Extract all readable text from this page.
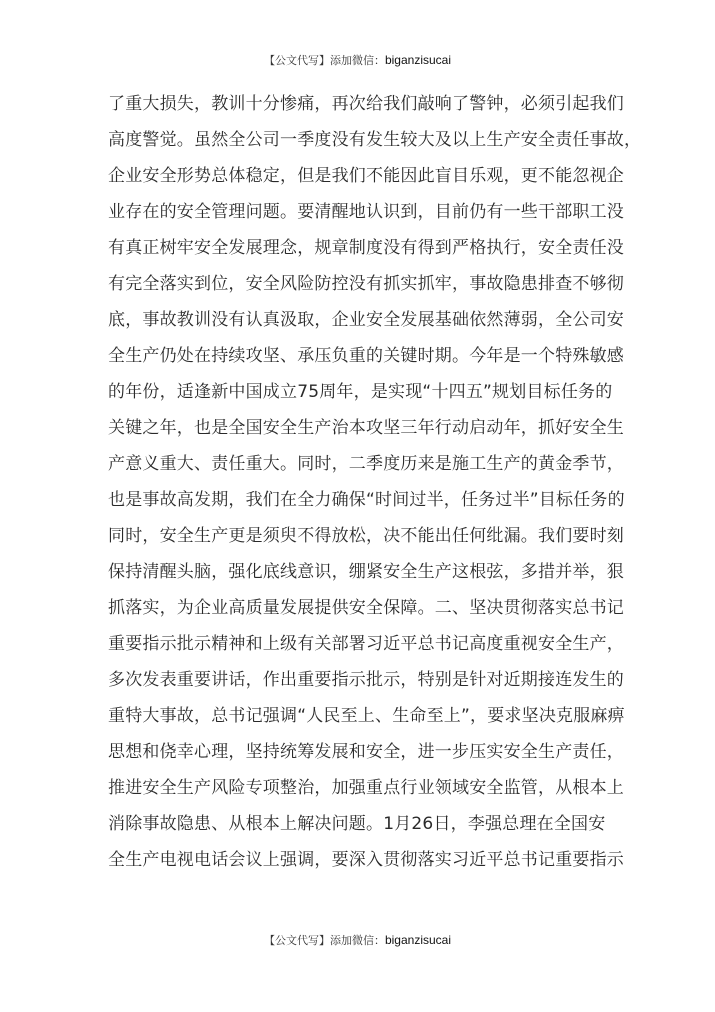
【公文代写】添加微信：biganzisucai
了重大损失，教训十分惨痛，再次给我们敲响了警钟，必须引起我们
高度警觉。虽然全公司一季度没有发生较大及以上生产安全责任事故，
企业安全形势总体稳定，但是我们不能因此盲目乐观，更不能忽视企
业存在的安全管理问题。要清醒地认识到，目前仍有一些干部职工没
有真正树牢安全发展理念，规章制度没有得到严格执行，安全责任没
有完全落实到位，安全风险防控没有抓实抓牢，事故隐患排查不够彻
底，事故教训没有认真汲取，企业安全发展基础依然薄弱，全公司安
全生产仍处在持续攻坚、承压负重的关键时期。今年是一个特殊敏感
的年份，适逢新中国成立75周年，是实现“十四五”规划目标任务的
关键之年，也是全国安全生产治本攻坚三年行动启动年，抓好安全生
产意义重大、责任重大。同时，二季度历来是施工生产的黄金季节，
也是事故高发期，我们在全力确保“时间过半，任务过半”目标任务的
同时，安全生产更是须臾不得放松，决不能出任何纰漏。我们要时刻
保持清醒头脑，强化底线意识，绷紧安全生产这根弦，多措并举，狠
抓落实，为企业高质量发展提供安全保障。二、坚决贯彻落实总书记
重要指示批示精神和上级有关部署习近平总书记高度重视安全生产，
多次发表重要讲话，作出重要指示批示，特别是针对近期接连发生的
重特大事故，总书记强调“人民至上、生命至上”，要求坚决克服麻痹
思想和侥幸心理，坚持统筹发展和安全，进一步压实安全生产责任，
推进安全生产风险专项整治，加强重点行业领域安全监管，从根本上
消除事故隐患、从根本上解决问题。1月26日，李强总理在全国安
全生产电视电话会议上强调，要深入贯彻落实习近平总书记重要指示
【公文代写】添加微信：biganzisucai
